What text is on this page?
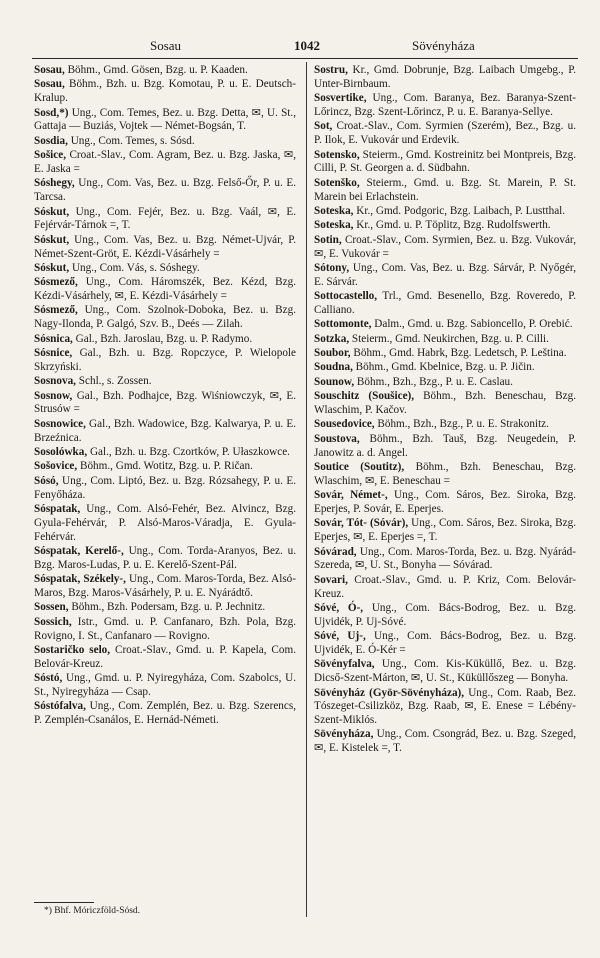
Sosau	1042	Sövényháza
Sosau, Böhm., Gmd. Gösen, Bzg. u. P. Kaaden.
Sosau, Böhm., Bzh. u. Bzg. Komotau, P. u. E. Deutsch-Kralup.
Sosd,*) Ung., Com. Temes, Bez. u. Bzg. Detta, ✉, U. St., Gattaja — Buziás, Vojtek — Német-Bogsán, T.
Sosdia, Ung., Com. Temes, s. Sósd.
Sošice, Croat.-Slav., Com. Agram, Bez. u. Bzg. Jaska, ✉, E. Jaska =
Sóshegy, Ung., Com. Vas, Bez. u. Bzg. Felső-Őr, P. u. E. Tarcsa.
Sóskut, Ung., Com. Fejér, Bez. u. Bzg. Vaál, ✉, E. Fejérvár-Tárnok =, T.
Sóskut, Ung., Com. Vas, Bez. u. Bzg. Német-Ujvár, P. Német-Szent-Gröt, E. Kézdi-Vásárhely =
Sóskut, Ung., Com. Vás, s. Sóshegy.
Sósmező, Ung., Com. Háromszék, Bez. Kézd, Bzg. Kézdi-Vásárhely, ✉, E. Kézdi-Vásárhely =
Sósmező, Ung., Com. Szolnok-Doboka, Bez. u. Bzg. Nagy-Ilonda, P. Galgó, Szv. B., Deés — Zilah.
Sósnica, Gal., Bzh. Jaroslau, Bzg. u. P. Radymo.
Sósnice, Gal., Bzh. u. Bzg. Ropczyce, P. Wielopole Skrzyński.
Sosnova, Schl., s. Zossen.
Sosnow, Gal., Bzh. Podhajce, Bzg. Wiśniowczyk, ✉, E. Strusów =
Sosnowice, Gal., Bzh. Wadowice, Bzg. Kalwarya, P. u. E. Brzeźnica.
Sosolówka, Gal., Bzh. u. Bzg. Czortków, P. Ułaszkowce.
Sošovice, Böhm., Gmd. Wotitz, Bzg. u. P. Ričan.
Sósó, Ung., Com. Liptó, Bez. u. Bzg. Rózsahegy, P. u. E. Fenyőháza.
Sóspatak, Ung., Com. Alsó-Fehér, Bez. Alvincz, Bzg. Gyula-Fehérvár, P. Alsó-Maros-Váradja, E. Gyula-Fehérvár.
Sóspatak, Kerelő-, Ung., Com. Torda-Aranyos, Bez. u. Bzg. Maros-Ludas, P. u. E. Kerelő-Szent-Pál.
Sóspatak, Székely-, Ung., Com. Maros-Torda, Bez. Alsó-Maros, Bzg. Maros-Vásárhely, P. u. E. Nyárádtő.
Sossen, Böhm., Bzh. Podersam, Bzg. u. P. Jechnitz.
Sossich, Istr., Gmd. u. P. Canfanaro, Bzh. Pola, Bzg. Rovigno, I. St., Canfanaro — Rovigno.
Sostaričko selo, Croat.-Slav., Gmd. u. P. Kapela, Com. Belovár-Kreuz.
Sóstó, Ung., Gmd. u. P. Nyiregyháza, Com. Szabolcs, U. St., Nyiregyháza — Csap.
Sóstófalva, Ung., Com. Zemplén, Bez. u. Bzg. Szerencs, P. Zemplén-Csanálos, E. Hernád-Németi.
Sostru, Kr., Gmd. Dobrunje, Bzg. Laibach Umgebg., P. Unter-Birnbaum.
Sosvertike, Ung., Com. Baranya, Bez. Baranya-Szent-Lőrincz, Bzg. Szent-Lőrincz, P. u. E. Baranya-Sellye.
Sot, Croat.-Slav., Com. Syrmien (Szerém), Bez., Bzg. u. P. Ilok, E. Vukovár und Erdevik.
Sotensko, Steierm., Gmd. Kostreinitz bei Montpreis, Bzg. Cilli, P. St. Georgen a. d. Südbahn.
Sotenško, Steierm., Gmd. u. Bzg. St. Marein, P. St. Marein bei Erlachstein.
Soteska, Kr., Gmd. Podgoric, Bzg. Laibach, P. Lustthal.
Soteska, Kr., Gmd. u. P. Töplitz, Bzg. Rudolfswerth.
Sotin, Croat.-Slav., Com. Syrmien, Bez. u. Bzg. Vukovár, ✉, E. Vukovár =
Sótony, Ung., Com. Vas, Bez. u. Bzg. Sárvár, P. Nyőgér, E. Sárvár.
Sottocastello, Trl., Gmd. Besenello, Bzg. Roveredo, P. Calliano.
Sottomonte, Dalm., Gmd. u. Bzg. Sabioncello, P. Orebić.
Sotzka, Steierm., Gmd. Neukirchen, Bzg. u. P. Cilli.
Soubor, Böhm., Gmd. Habrk, Bzg. Ledetsch, P. Leština.
Soudna, Böhm., Gmd. Kbelnice, Bzg. u. P. Jičin.
Sounow, Böhm., Bzh., Bzg., P. u. E. Caslau.
Souschitz (Soušice), Böhm., Bzh. Beneschau, Bzg. Wlaschim, P. Kačov.
Sousedovice, Böhm., Bzh., Bzg., P. u. E. Strakonitz.
Soustova, Böhm., Bzh. Tauš, Bzg. Neugedein, P. Janowitz a. d. Angel.
Soutice (Soutitz), Böhm., Bzh. Beneschau, Bzg. Wlaschim, ✉, E. Beneschau =
Sovár, Német-, Ung., Com. Sáros, Bez. Siroka, Bzg. Eperjes, P. Sovár, E. Eperjes.
Sovár, Tót- (Sóvár), Ung., Com. Sáros, Bez. Siroka, Bzg. Eperjes, ✉, E. Eperjes =, T.
Sóvárad, Ung., Com. Maros-Torda, Bez. u. Bzg. Nyárád-Szereda, ✉, U. St., Bonyha — Sóvárad.
Sovari, Croat.-Slav., Gmd. u. P. Kriz, Com. Belovár-Kreuz.
Sóvé, Ó-, Ung., Com. Bács-Bodrog, Bez. u. Bzg. Ujvidék, P. Uj-Sóvé.
Sóvé, Uj-, Ung., Com. Bács-Bodrog, Bez. u. Bzg. Ujvidék, E. Ó-Kér =
Sövényfalva, Ung., Com. Kis-Küküllő, Bez. u. Bzg. Dicső-Szent-Márton, ✉, U. St., Küküllőszeg — Bonyha.
Sövényház (Györ-Sövényháza), Ung., Com. Raab, Bez. Tószeget-Csilizköz, Bzg. Raab, ✉, E. Enese = Lébény-Szent-Miklós.
Sövényháza, Ung., Com. Csongrád, Bez. u. Bzg. Szeged, ✉, E. Kistelek =, T.
*) Bhf. Móriczföld-Sósd.
